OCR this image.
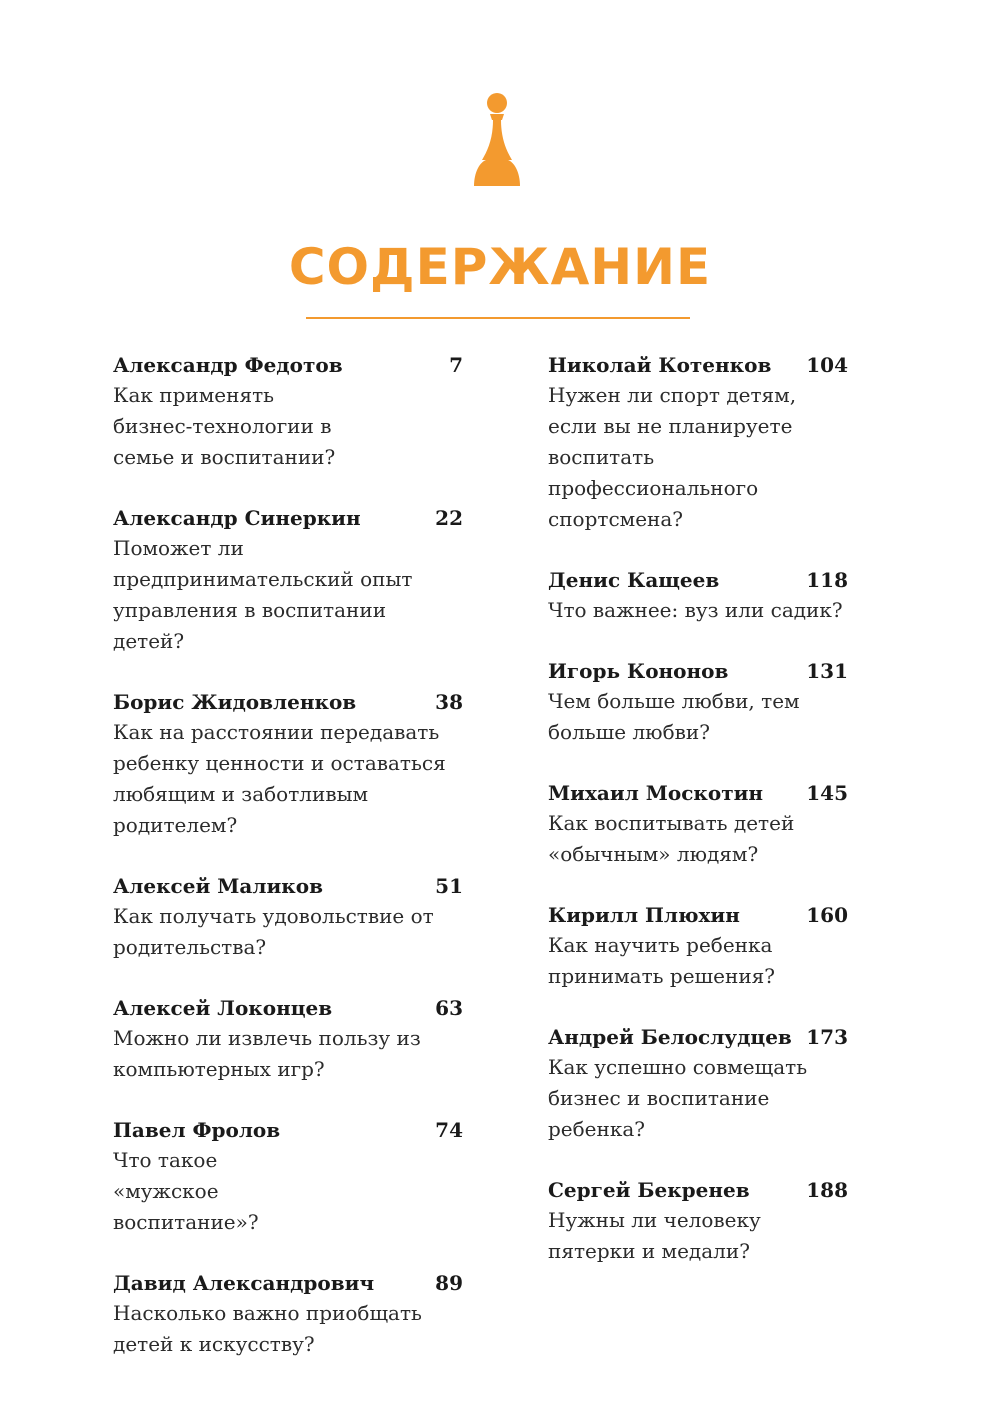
СОДЕРЖАНИЕ
Александр Федотов	7
Как применять бизнес-технологии в семье и воспитании?
Александр Синеркин	22
Поможет ли предпринимательский опыт управления в воспитании детей?
Борис Жидовленков	38
Как на расстоянии передавать ребенку ценности и оставаться любящим и заботливым родителем?
Алексей Маликов	51
Как получать удовольствие от родительства?
Алексей Локонцев	63
Можно ли извлечь пользу из компьютерных игр?
Павел Фролов	74
Что такое «мужское воспитание»?
Давид Александрович	89
Насколько важно приобщать детей к искусству?
Николай Котенков 104
Нужен ли спорт детям, если вы не планируете воспитать профессионального спортсмена?
Денис Кащеев	118
Что важнее: вуз или садик?
Игорь Кононов	131
Чем больше любви, тем больше любви?
Михаил Москотин 145
Как воспитывать детей «обычным» людям?
Кирилл Плюхин	160
Как научить ребенка принимать решения?
Андрей Белослудцев 173
Как успешно совмещать бизнес и воспитание ребенка?
Сергей Бекренев	188
Нужны ли человеку пятерки и медали?
